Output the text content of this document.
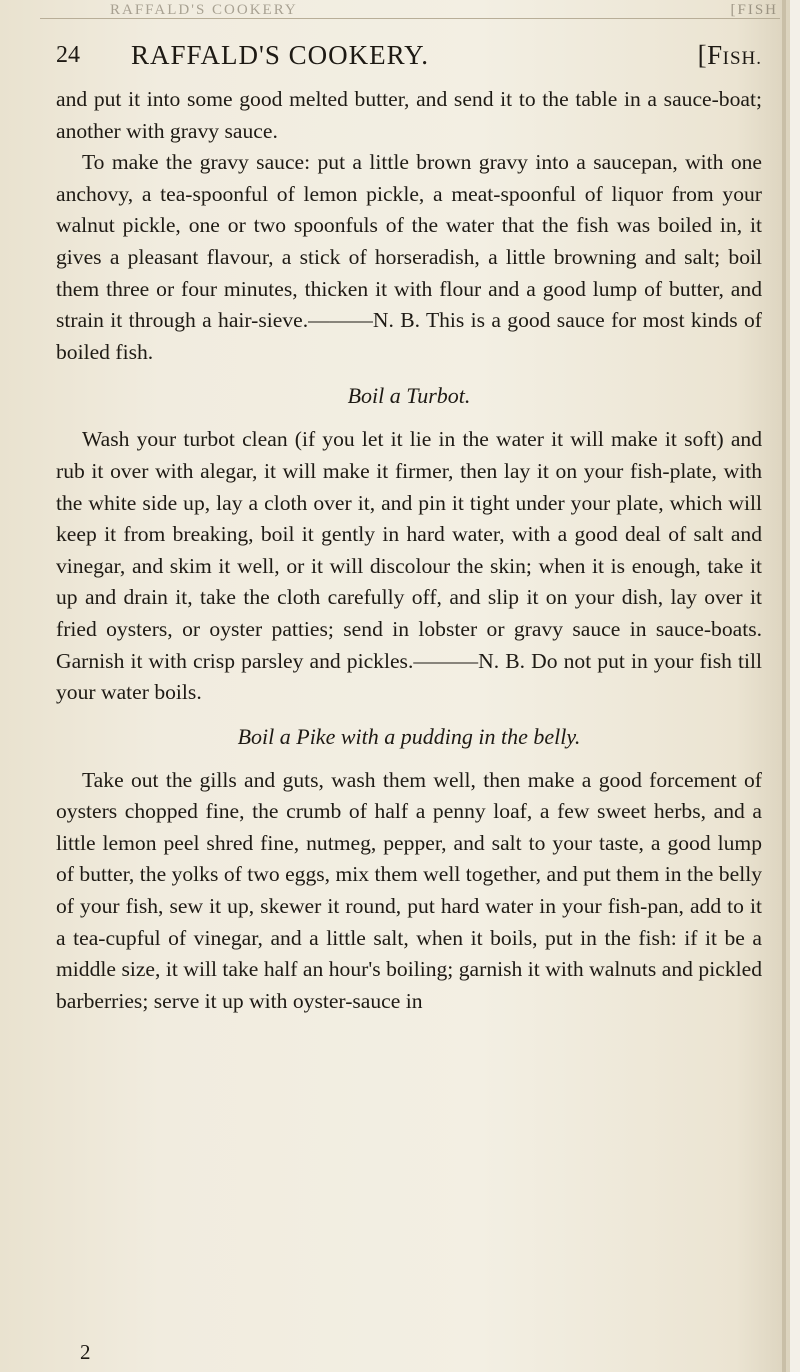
RAFFALD'S COOKERY	[FISH
24 RAFFALD'S COOKERY.	[FISH.

and put it into some good melted butter, and send it to the table in a sauce-boat; another with gravy sauce.

To make the gravy sauce: put a little brown gravy into a saucepan, with one anchovy, a tea-spoonful of lemon pickle, a meat-spoonful of liquor from your walnut pickle, one or two spoonfuls of the water that the fish was boiled in, it gives a pleasant flavour, a stick of horseradish, a little browning and salt; boil them three or four minutes, thicken it with flour and a good lump of butter, and strain it through a hair-sieve.———N. B. This is a good sauce for most kinds of boiled fish.

Boil a Turbot.

Wash your turbot clean (if you let it lie in the water it will make it soft) and rub it over with alegar, it will make it firmer, then lay it on your fish-plate, with the white side up, lay a cloth over it, and pin it tight under your plate, which will keep it from breaking, boil it gently in hard water, with a good deal of salt and vinegar, and skim it well, or it will discolour the skin; when it is enough, take it up and drain it, take the cloth carefully off, and slip it on your dish, lay over it fried oysters, or oyster patties; send in lobster or gravy sauce in sauce-boats. Garnish it with crisp parsley and pickles.———N. B. Do not put in your fish till your water boils.

Boil a Pike with a pudding in the belly.

Take out the gills and guts, wash them well, then make a good forcement of oysters chopped fine, the crumb of half a penny loaf, a few sweet herbs, and a little lemon peel shred fine, nutmeg, pepper, and salt to your taste, a good lump of butter, the yolks of two eggs, mix them well together, and put them in the belly of your fish, sew it up, skewer it round, put hard water in your fish-pan, add to it a tea-cupful of vinegar, and a little salt, when it boils, put in the fish: if it be a middle size, it will take half an hour's boiling; garnish it with walnuts and pickled barberries; serve it up with oyster-sauce in

2
